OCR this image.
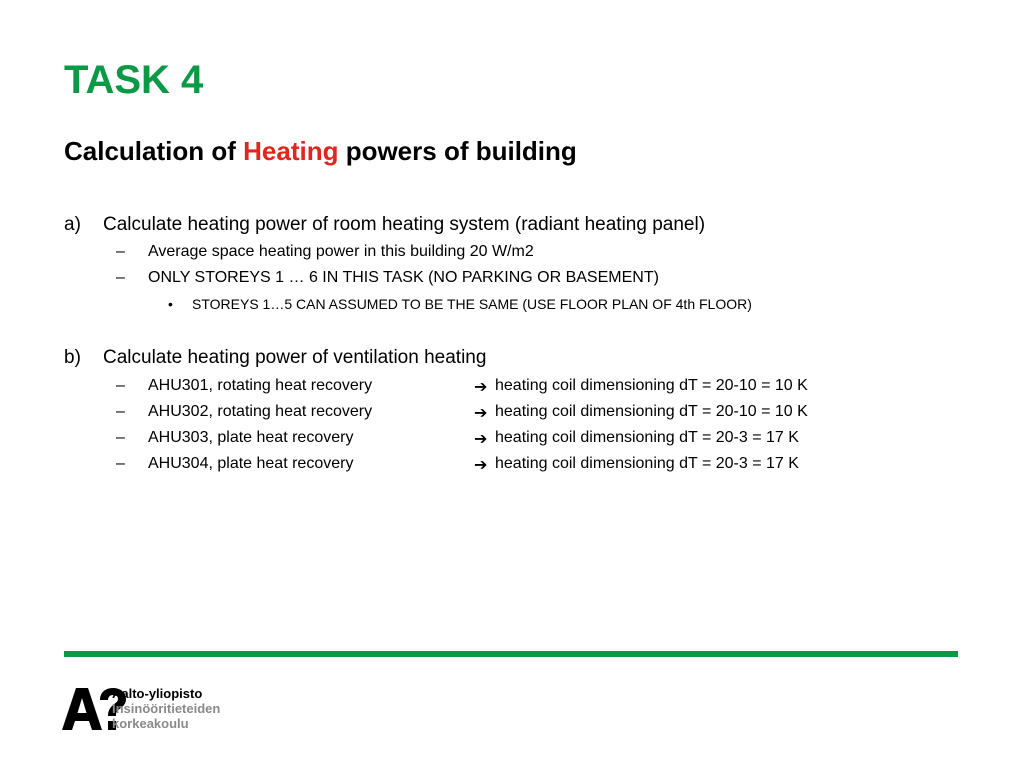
TASK 4
Calculation of Heating powers of building
a) Calculate heating power of room heating system (radiant heating panel)
– Average space heating power in this building 20 W/m2
– ONLY STOREYS 1 … 6 IN THIS TASK (NO PARKING OR BASEMENT)
• STOREYS 1…5 CAN ASSUMED TO BE THE SAME (USE FLOOR PLAN OF 4th FLOOR)
b) Calculate heating power of ventilation heating
– AHU301, rotating heat recovery	➔ heating coil dimensioning dT = 20-10 = 10 K
– AHU302, rotating heat recovery	➔ heating coil dimensioning dT = 20-10 = 10 K
– AHU303, plate heat recovery	➔ heating coil dimensioning dT = 20-3 = 17 K
– AHU304, plate heat recovery	➔ heating coil dimensioning dT = 20-3 = 17 K
Aalto-yliopisto
Insinööritieteiden
korkeakoulu
